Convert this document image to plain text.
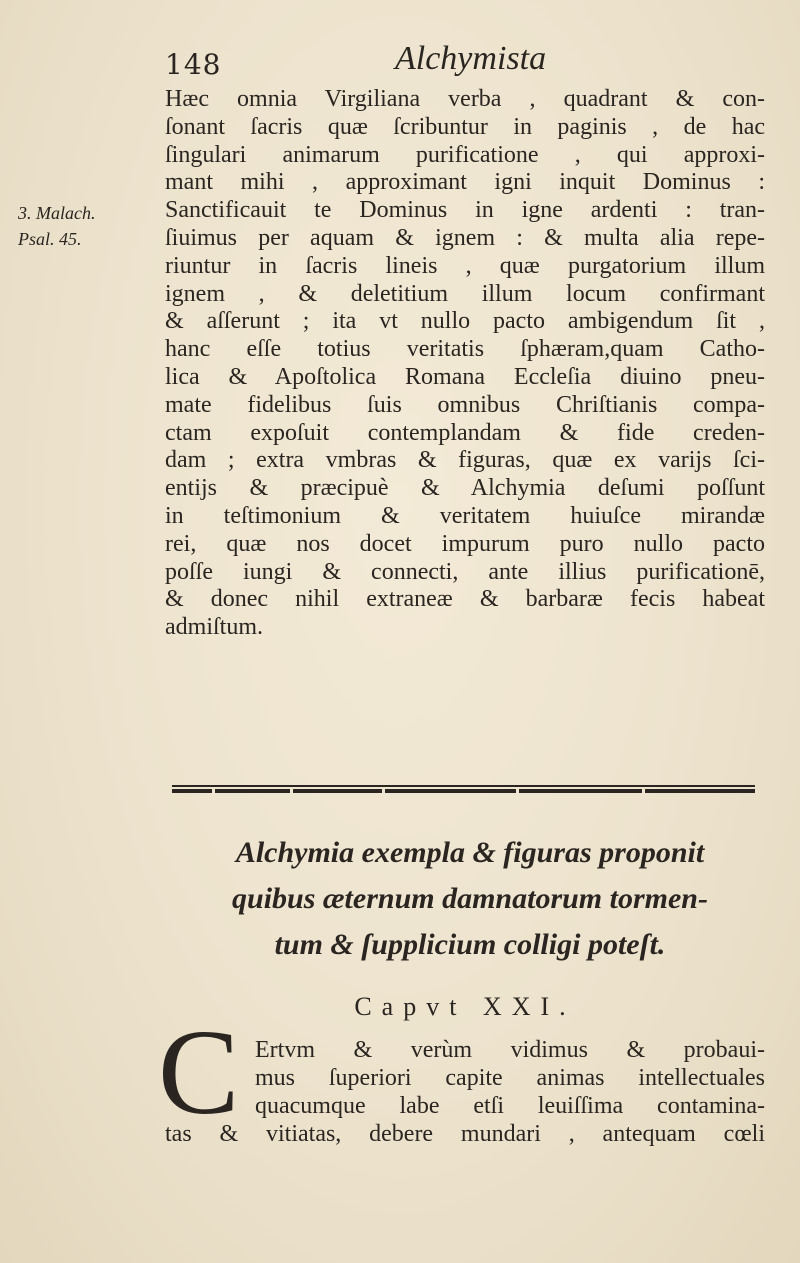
148	Alchymista
3. Malach.
Psal. 45.
Hæc omnia Virgiliana verba , quadrant & con-
ſonant ſacris quæ ſcribuntur in paginis , de hac
ſingulari animarum purificatione , qui approxi-
mant mihi , approximant igni inquit Dominus :
Sanctificauit te Dominus in igne ardenti : tran-
ſiuimus per aquam & ignem : & multa alia repe-
riuntur in ſacris lineis , quæ purgatorium illum
ignem , & deletitium illum locum confirmant
& aſſerunt ; ita vt nullo pacto ambigendum ſit ,
hanc eſſe totius veritatis ſphæram,quam Catho-
lica & Apoſtolica Romana Eccleſia diuino pneu-
mate fidelibus ſuis omnibus Chriſtianis compa-
ctam expoſuit contemplandam & fide creden-
dam ; extra vmbras & figuras, quæ ex varijs ſci-
entijs & præcipuè & Alchymia deſumi poſſunt
in teſtimonium & veritatem huiuſce mirandæ
rei, quæ nos docet impurum puro nullo pacto
poſſe iungi & connecti, ante illius purificationē,
& donec nihil extraneæ & barbaræ fecis habeat
admiſtum.
Alchymia exempla & figuras proponit
quibus æternum damnatorum tormen-
tum & ſupplicium colligi poteſt.
Capvt XXI.
C Ertvm & verùm vidimus & probaui-
mus ſuperiori capite animas intellectuales
quacumque labe etſi leuiſſima contamina-
tas & vitiatas, debere mundari , antequam cœli
